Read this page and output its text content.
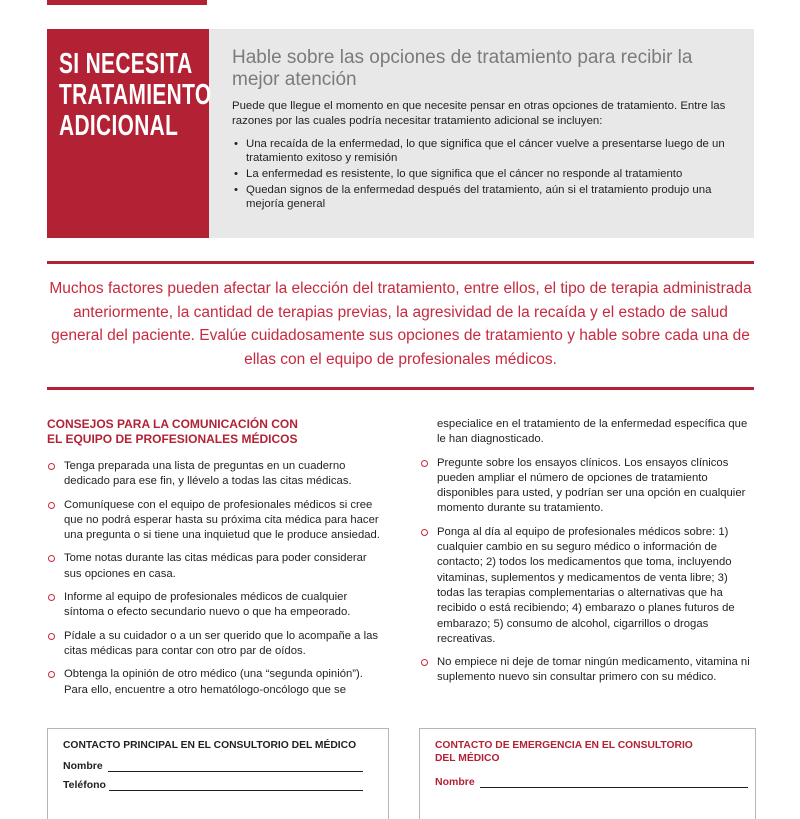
SI NECESITA
TRATAMIENTO
ADICIONAL
Hable sobre las opciones de tratamiento para recibir la mejor atención

Puede que llegue el momento en que necesite pensar en otras opciones de tratamiento. Entre las razones por las cuales podría necesitar tratamiento adicional se incluyen:

• Una recaída de la enfermedad, lo que significa que el cáncer vuelve a presentarse luego de un tratamiento exitoso y remisión
• La enfermedad es resistente, lo que significa que el cáncer no responde al tratamiento
• Quedan signos de la enfermedad después del tratamiento, aún si el tratamiento produjo una mejoría general

Muchos factores pueden afectar la elección del tratamiento, entre ellos, el tipo de terapia administrada anteriormente, la cantidad de terapias previas, la agresividad de la recaída y el estado de salud general del paciente. Evalúe cuidadosamente sus opciones de tratamiento y hable sobre cada una de ellas con el equipo de profesionales médicos.

CONSEJOS PARA LA COMUNICACIÓN CON
EL EQUIPO DE PROFESIONALES MÉDICOS
Tenga preparada una lista de preguntas en un cuaderno dedicado para ese fin, y llévelo a todas las citas médicas.
Comuníquese con el equipo de profesionales médicos si cree que no podrá esperar hasta su próxima cita médica para hacer una pregunta o si tiene una inquietud que le produce ansiedad.
Tome notas durante las citas médicas para poder considerar sus opciones en casa.
Informe al equipo de profesionales médicos de cualquier síntoma o efecto secundario nuevo o que ha empeorado.
Pídale a su cuidador o a un ser querido que lo acompañe a las citas médicas para contar con otro par de oídos.
Obtenga la opinión de otro médico (una “segunda opinión”). Para ello, encuentre a otro hematólogo-oncólogo que se

especialice en el tratamiento de la enfermedad específica que le han diagnosticado.

Pregunte sobre los ensayos clínicos. Los ensayos clínicos pueden ampliar el número de opciones de tratamiento disponibles para usted, y podrían ser una opción en cualquier momento durante su tratamiento.
Ponga al día al equipo de profesionales médicos sobre: 1) cualquier cambio en su seguro médico o información de contacto; 2) todos los medicamentos que toma, incluyendo vitaminas, suplementos y medicamentos de venta libre; 3) todas las terapias complementarias o alternativas que ha recibido o está recibiendo; 4) embarazo o planes futuros de embarazo; 5) consumo de alcohol, cigarrillos o drogas recreativas.
No empiece ni deje de tomar ningún medicamento, vitamina ni suplemento nuevo sin consultar primero con su médico.
CONTACTO PRINCIPAL EN EL CONSULTORIO DEL MÉDICO
Nombre
Teléfono
CONTACTO DE EMERGENCIA EN EL CONSULTORIO
DEL MÉDICO
Nombre
